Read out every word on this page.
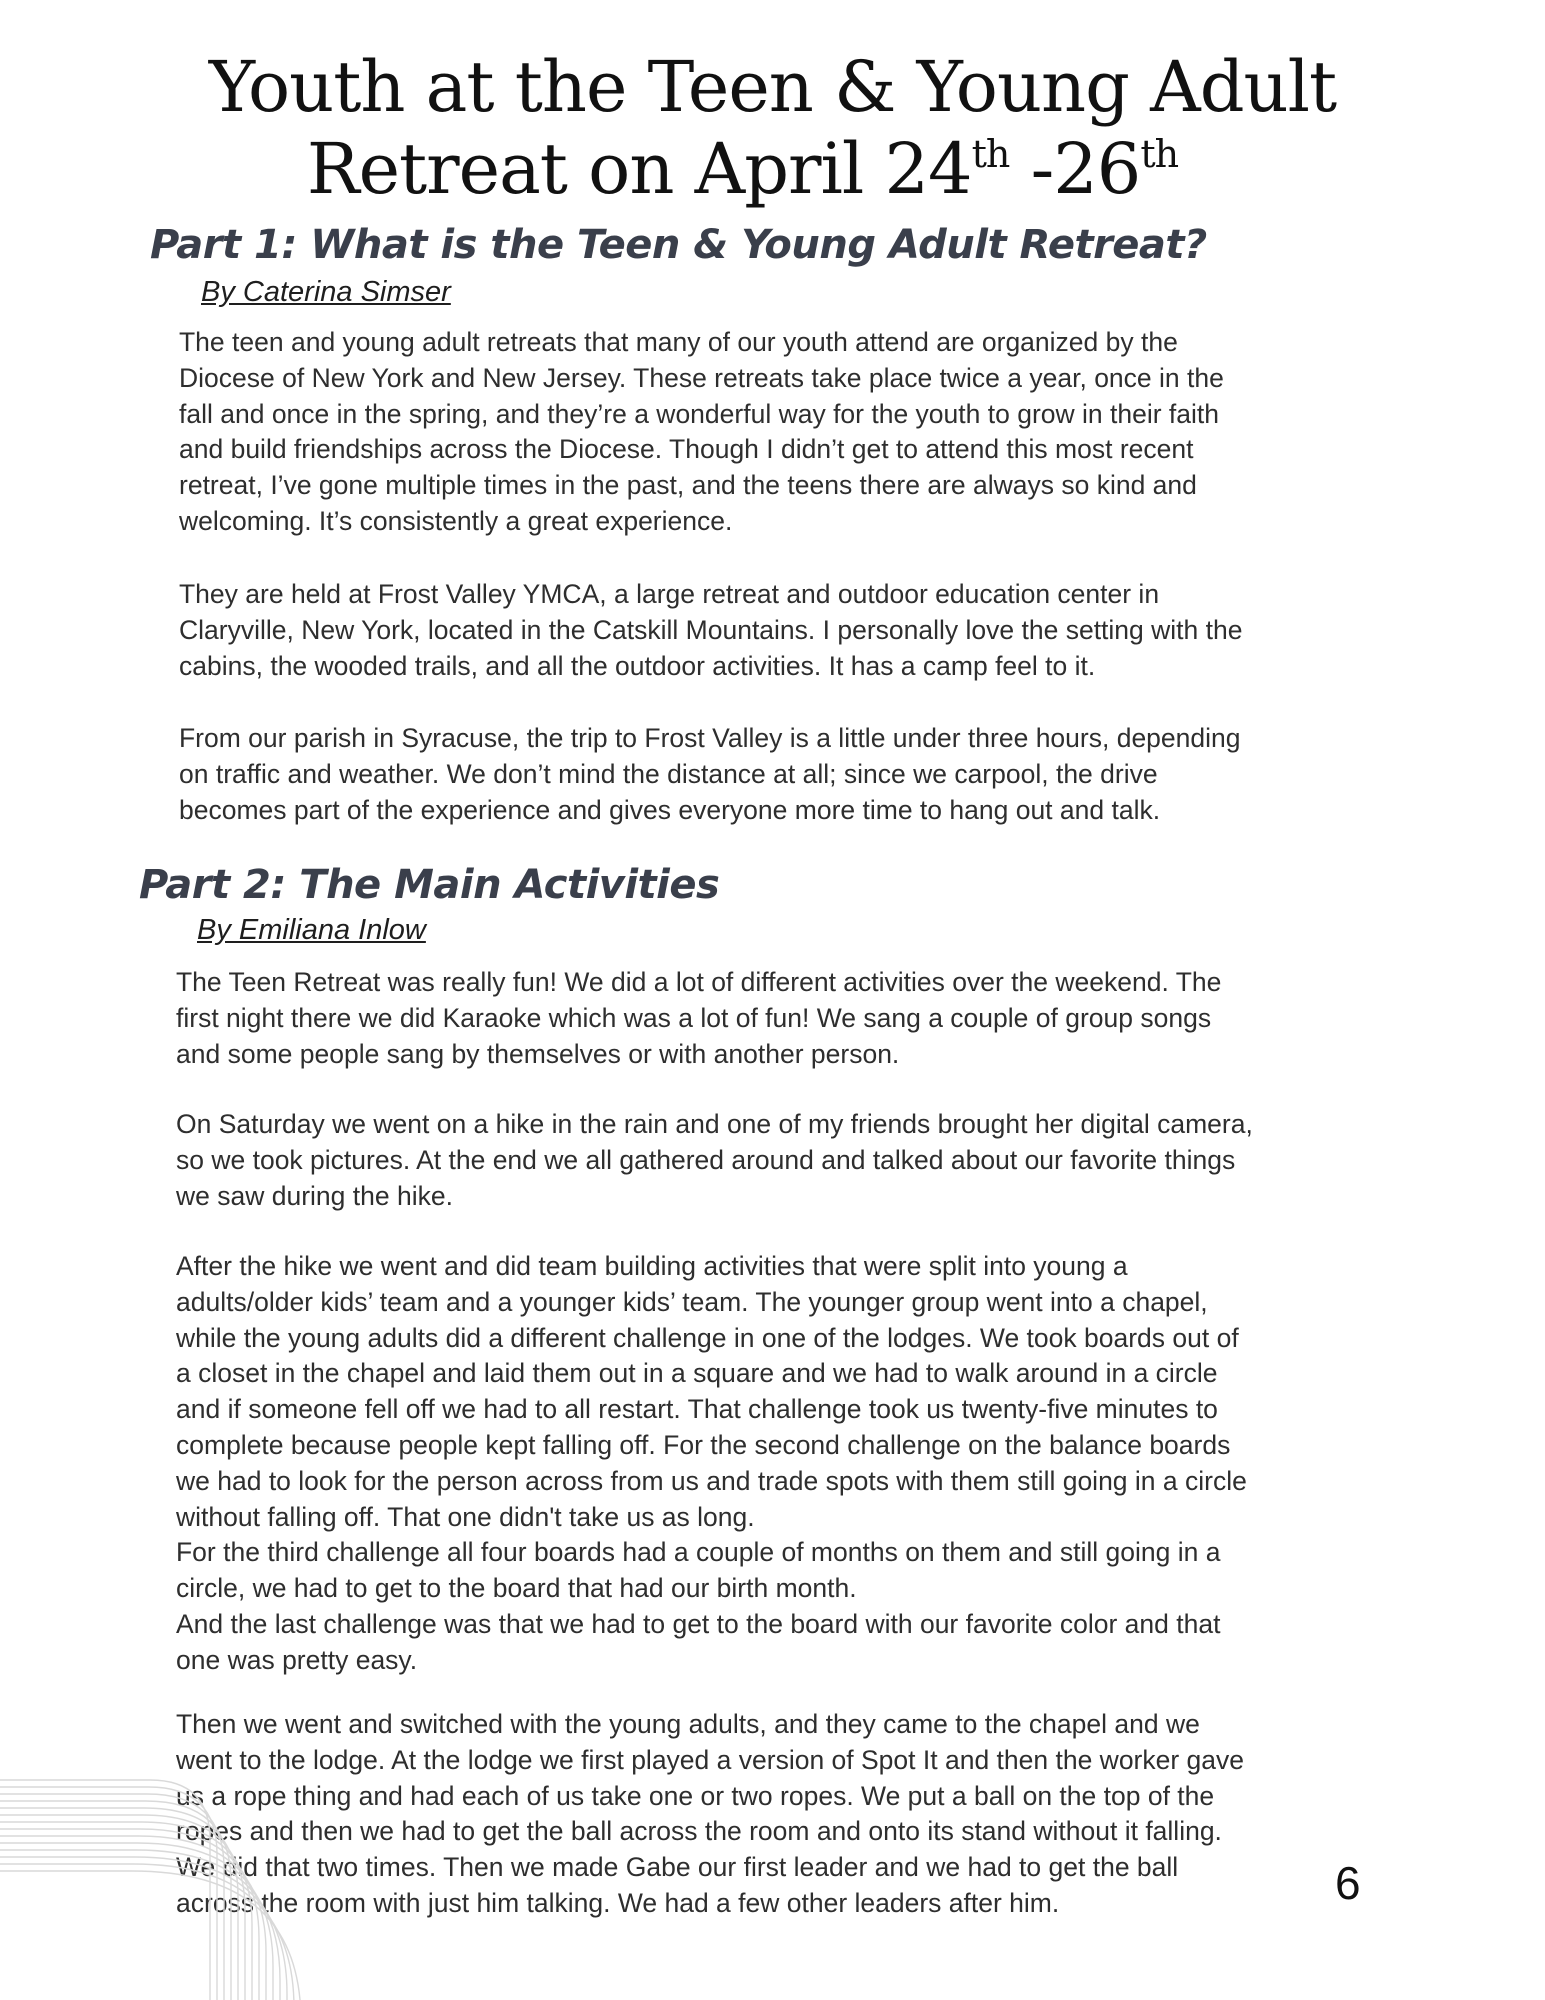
Youth at the Teen & Young Adult

Retreat on April 24th -26th
Part 1: What is the Teen & Young Adult Retreat?

By Caterina Simser

The teen and young adult retreats that many of our youth attend are organized by the
Diocese of New York and New Jersey. These retreats take place twice a year, once in the
fall and once in the spring, and they’re a wonderful way for the youth to grow in their faith
and build friendships across the Diocese. Though I didn’t get to attend this most recent
retreat, I’ve gone multiple times in the past, and the teens there are always so kind and
welcoming. It’s consistently a great experience.
They are held at Frost Valley YMCA, a large retreat and outdoor education center in
Claryville, New York, located in the Catskill Mountains. I personally love the setting with the
cabins, the wooded trails, and all the outdoor activities. It has a camp feel to it.
From our parish in Syracuse, the trip to Frost Valley is a little under three hours, depending
on traffic and weather. We don’t mind the distance at all; since we carpool, the drive
becomes part of the experience and gives everyone more time to hang out and talk.
Part 2: The Main Activities

By Emiliana Inlow

The Teen Retreat was really fun! We did a lot of different activities over the weekend. The
first night there we did Karaoke which was a lot of fun! We sang a couple of group songs
and some people sang by themselves or with another person.
On Saturday we went on a hike in the rain and one of my friends brought her digital camera,
so we took pictures. At the end we all gathered around and talked about our favorite things
we saw during the hike.
After the hike we went and did team building activities that were split into young a
adults/older kids’ team and a younger kids’ team. The younger group went into a chapel,
while the young adults did a different challenge in one of the lodges. We took boards out of
a closet in the chapel and laid them out in a square and we had to walk around in a circle
and if someone fell off we had to all restart. That challenge took us twenty-five minutes to
complete because people kept falling off. For the second challenge on the balance boards
we had to look for the person across from us and trade spots with them still going in a circle
without falling off. That one didn't take us as long.
For the third challenge all four boards had a couple of months on them and still going in a
circle, we had to get to the board that had our birth month.
And the last challenge was that we had to get to the board with our favorite color and that
one was pretty easy.
Then we went and switched with the young adults, and they came to the chapel and we
went to the lodge. At the lodge we first played a version of Spot It and then the worker gave
us a rope thing and had each of us take one or two ropes. We put a ball on the top of the
ropes and then we had to get the ball across the room and onto its stand without it falling.
We did that two times. Then we made Gabe our first leader and we had to get the ball
across the room with just him talking. We had a few other leaders after him.	6
